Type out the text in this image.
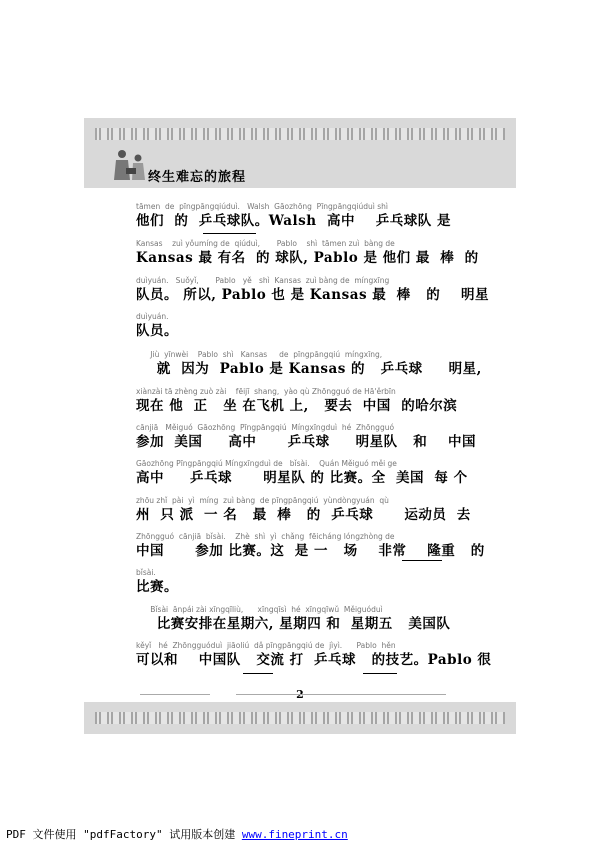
终生难忘的旅程
tāmen  de  pīngpāngqiúduì.   Walsh  Gāozhōng  Pīngpāngqiúduì shì
他们  的  乒乓球队。Walsh  高中    乒乓球队 是
Kansas    zuì yǒumíng de  qiúduì,       Pablo    shì  tāmen zuì  bàng de
Kansas 最 有名  的 球队, Pablo 是 他们 最  棒  的
duìyuán.   Suǒyǐ,       Pablo   yě   shì  Kansas  zuì bàng de  míngxīng
队员。 所以, Pablo 也 是 Kansas 最  棒   的    明星
duìyuán.
队员。
Jiù  yīnwèi    Pablo  shì   Kansas     de  pīngpāngqiú  míngxīng,
就  因为  Pablo 是 Kansas 的   乒乓球     明星,
xiànzài tā zhèng zuò zài    fēijī  shang,  yào qù Zhōngguó de Hā'ěrbīn
现在 他  正   坐 在飞机 上,   要去  中国  的哈尔滨
cānjiā   Měiguó  Gāozhōng  Pīngpāngqiú  Míngxīngduì  hé  Zhōngguó
参加  美国     高中      乒乓球     明星队   和    中国
Gāozhōng Pīngpāngqiú Míngxīngduì de   bǐsài.    Quán Měiguó měi ge
高中     乒乓球      明星队 的 比赛。全  美国  每 个
zhōu zhǐ  pài  yì  míng  zuì bàng  de pīngpāngqiú  yùndòngyuán  qù
州  只 派  一 名   最  棒   的  乒乓球      运动员  去
Zhōngguó  cānjiā  bǐsài.    Zhè  shì  yì  chǎng  fēicháng lóngzhòng de
中国      参加 比赛。这  是 一   场    非常    隆重   的
bǐsài.
比赛。
Bǐsài  ānpái zài xīngqīliù,      xīngqīsì  hé  xīngqīwǔ  Měiguóduì
比赛安排在星期六, 星期四 和  星期五   美国队
kěyǐ   hé  Zhōngguóduì  jiāoliú  dǎ pīngpāngqiú de  jìyì.      Pablo  hěn
可以和    中国队   交流 打  乒乓球   的技艺。Pablo 很
PDF 文件使用 "pdfFactory" 试用版本创建 www.fineprint.cn
